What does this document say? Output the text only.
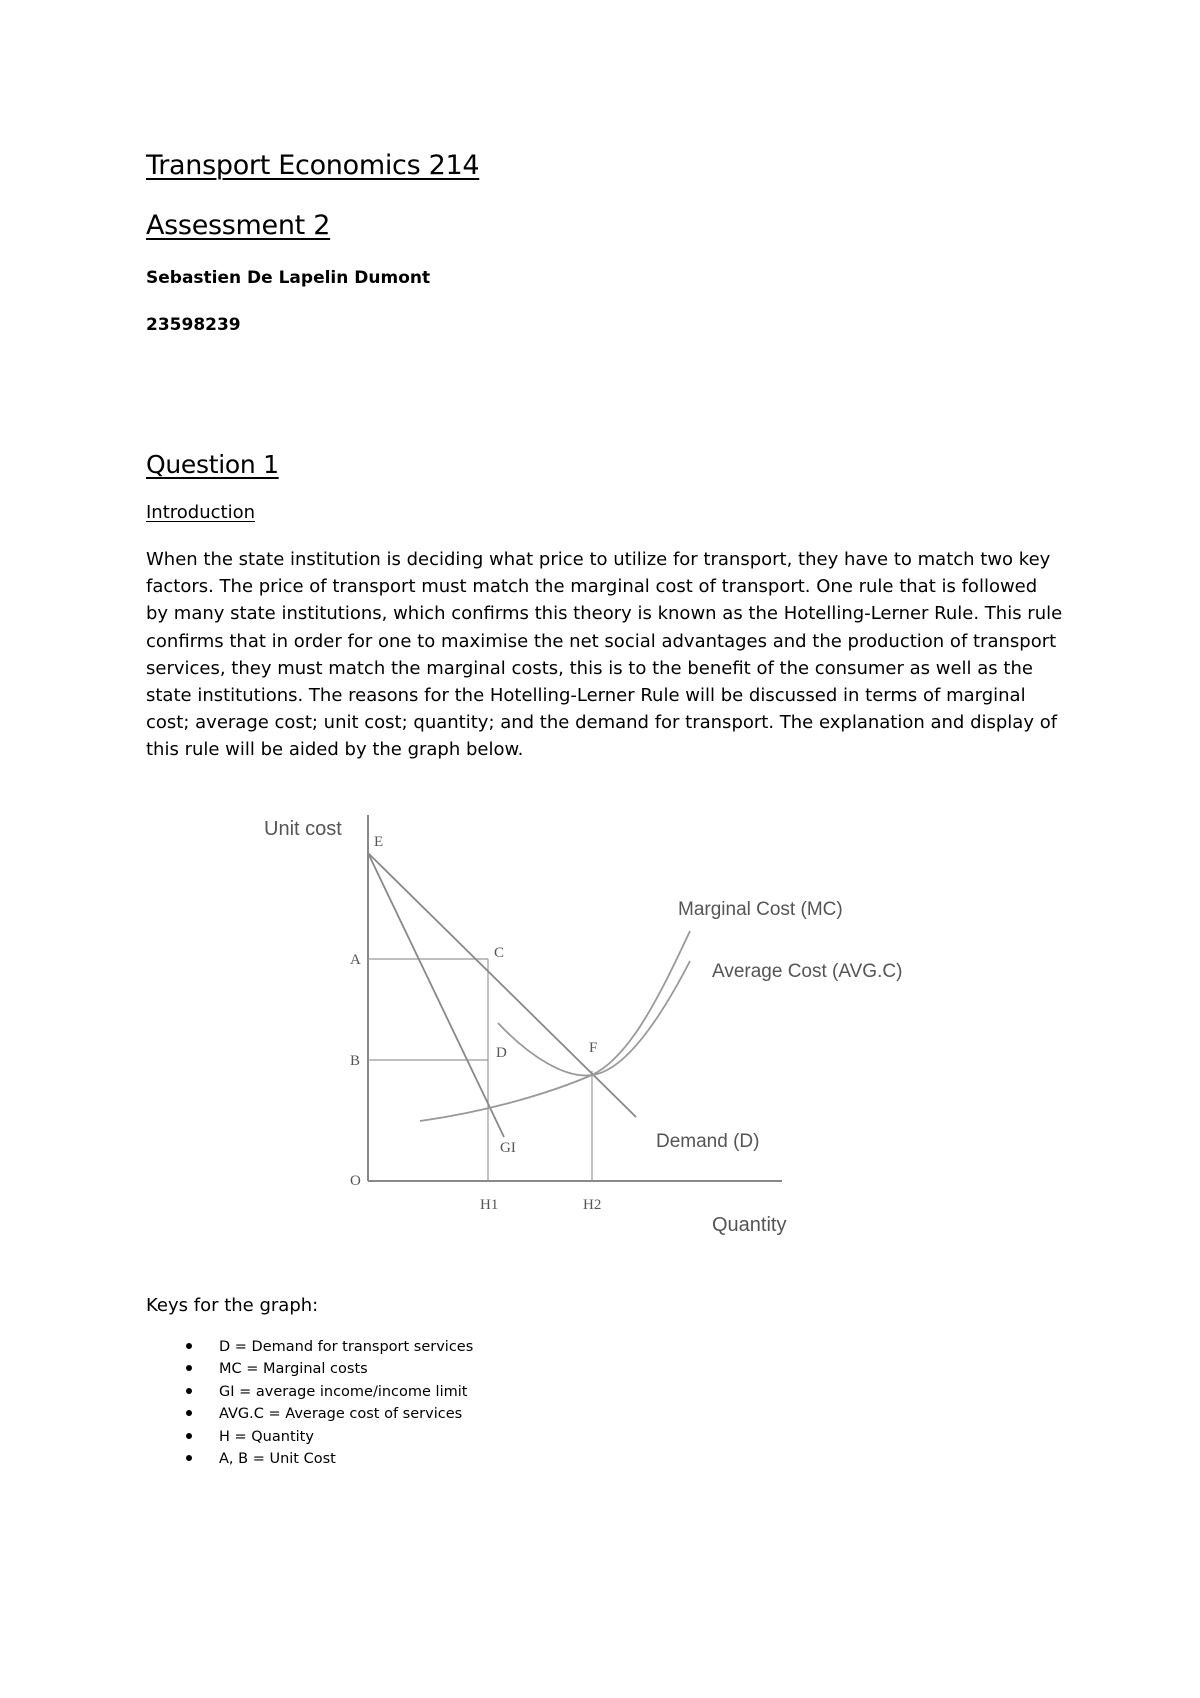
Transport Economics 214
Assessment 2
Sebastien De Lapelin Dumont
23598239
Question 1
Introduction
When the state institution is deciding what price to utilize for transport, they have to match two key
factors. The price of transport must match the marginal cost of transport. One rule that is followed
by many state institutions, which confirms this theory is known as the Hotelling-Lerner Rule. This rule
confirms that in order for one to maximise the net social advantages and the production of transport
services, they must match the marginal costs, this is to the benefit of the consumer as well as the
state institutions. The reasons for the Hotelling-Lerner Rule will be discussed in terms of marginal
cost; average cost; unit cost; quantity; and the demand for transport. The explanation and display of
this rule will be aided by the graph below.
Unit cost
Quantity
Marginal Cost (MC)
Average Cost (AVG.C)
Demand (D)
E
A	C
B	D	F
GI
O
H1	H2
Keys for the graph:
D = Demand for transport services
MC = Marginal costs
GI = average income/income limit
AVG.C = Average cost of services
H = Quantity
A, B = Unit Cost
